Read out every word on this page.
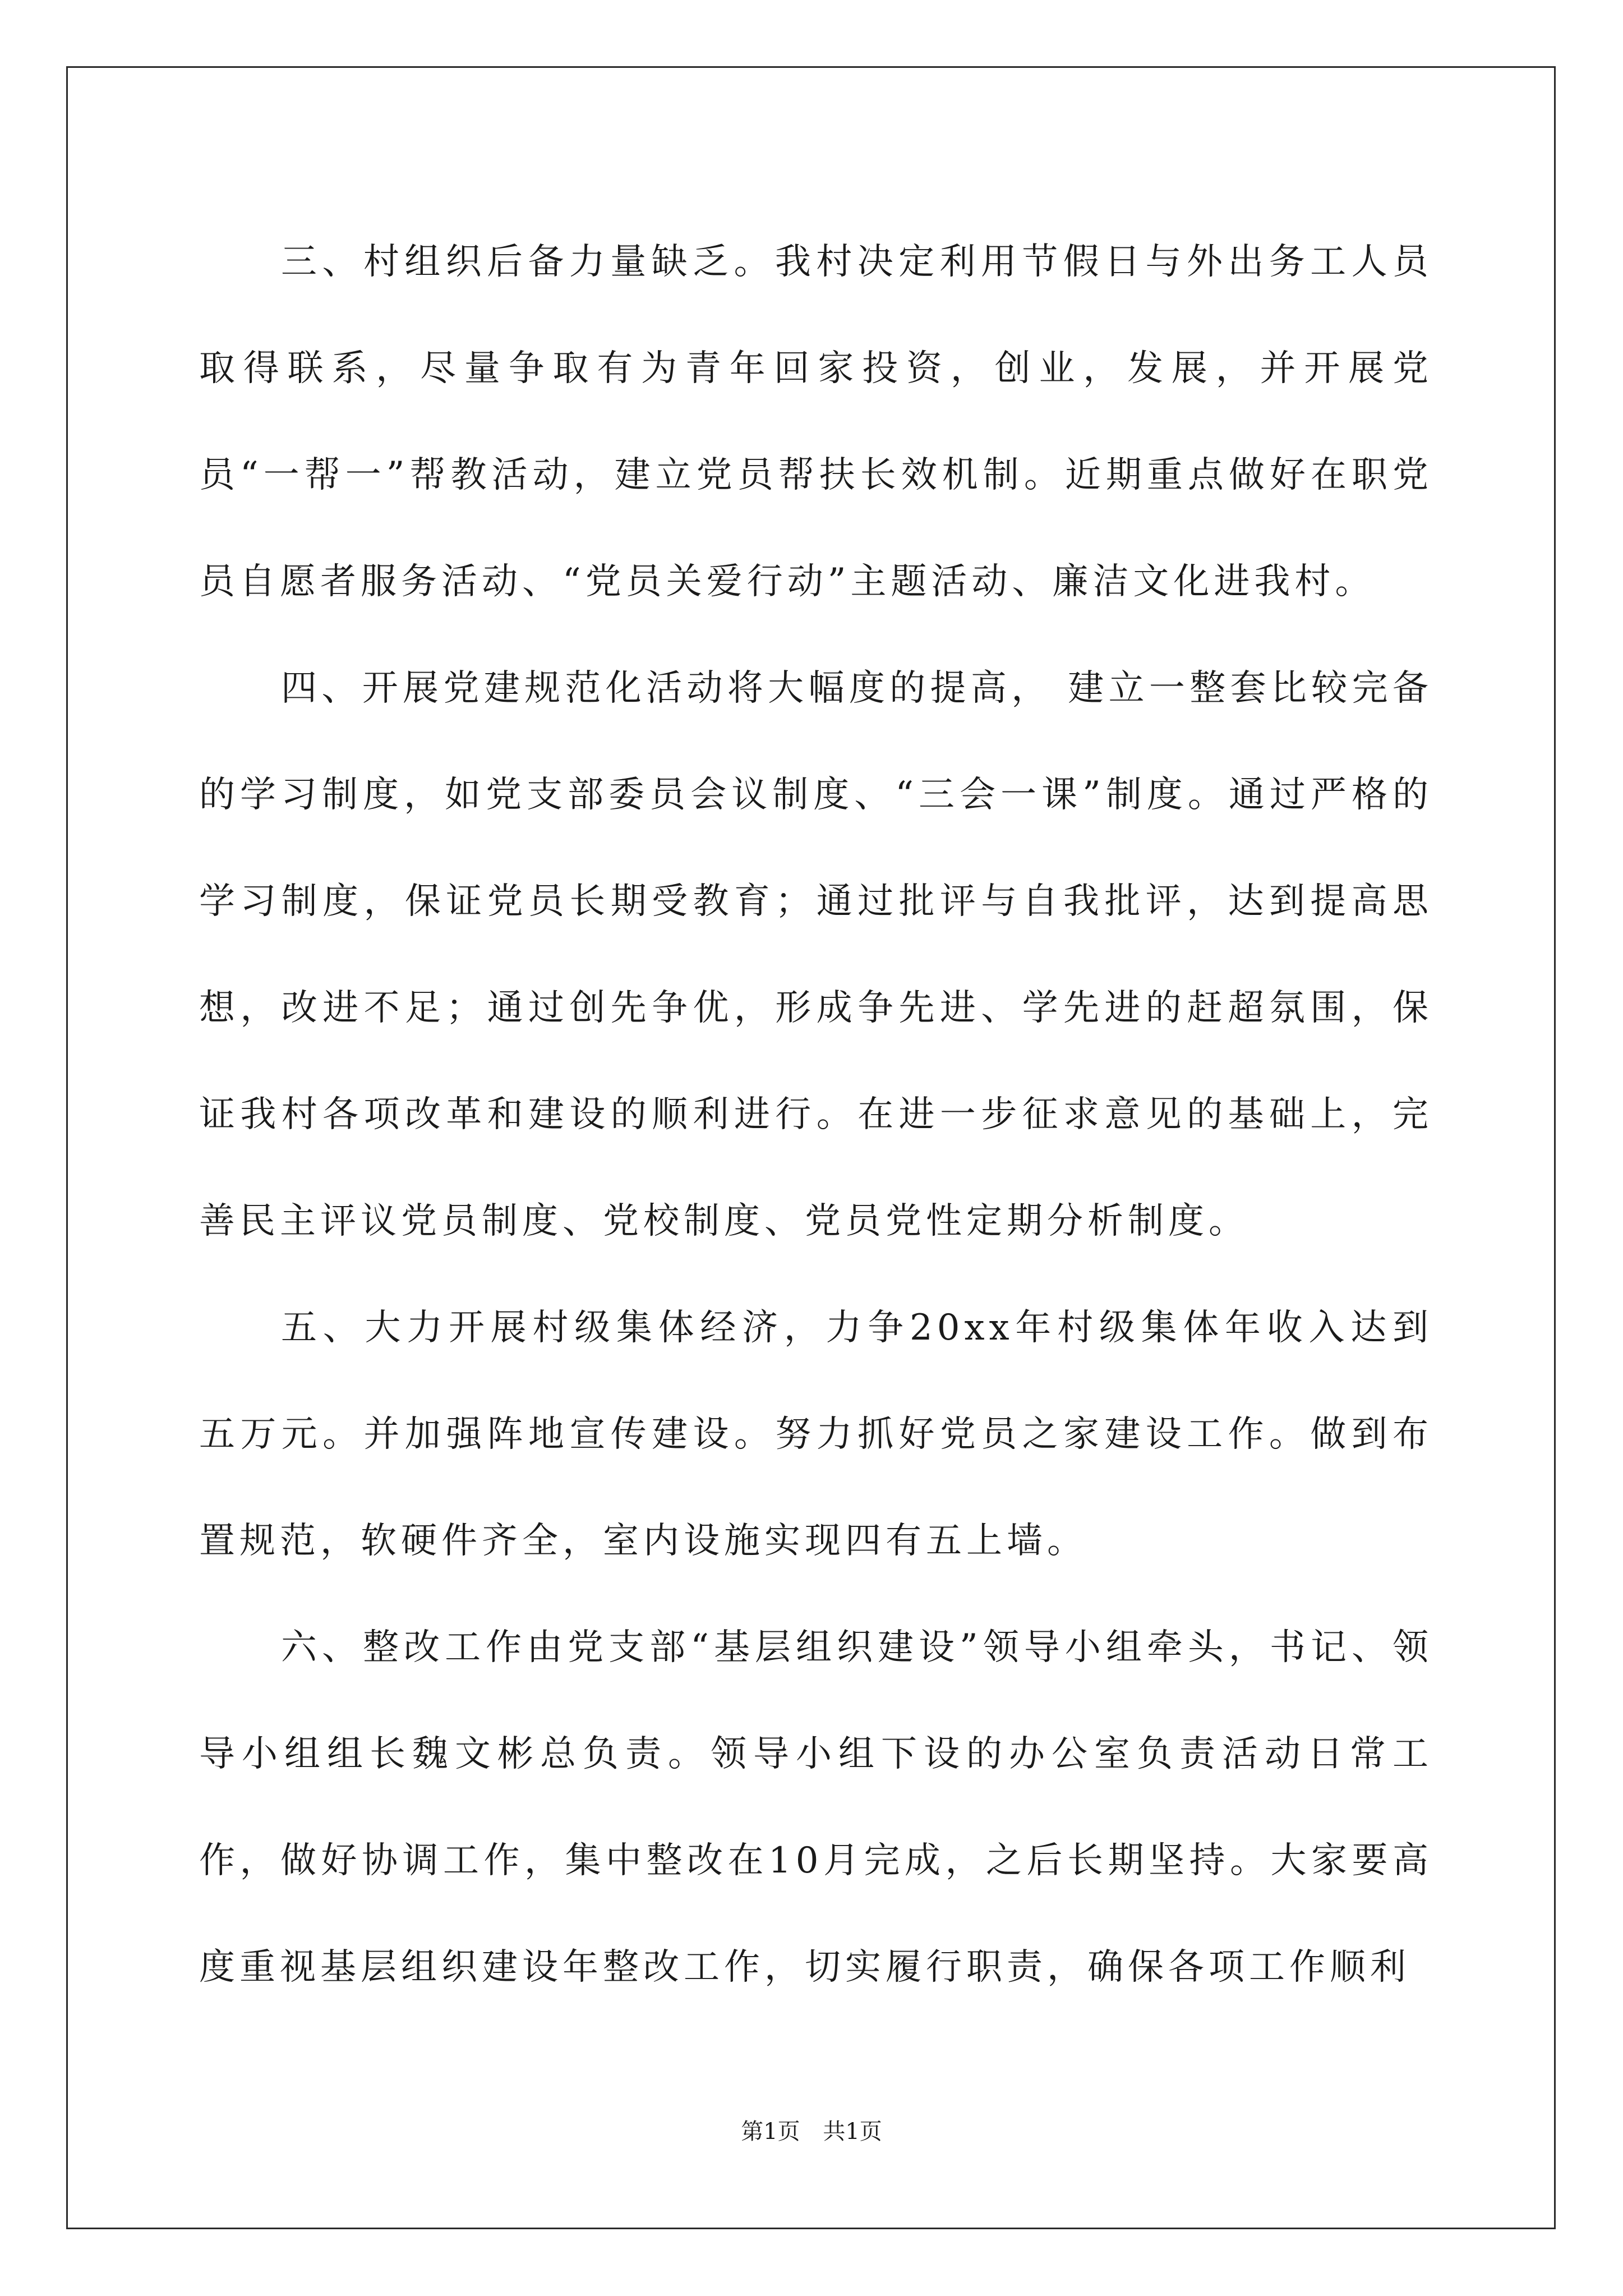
三、村组织后备力量缺乏。我村决定利用节假日与外出务工人员取得联系，尽量争取有为青年回家投资，创业，发展，并开展党员“一帮一”帮教活动，建立党员帮扶长效机制。近期重点做好在职党员自愿者服务活动、“党员关爱行动”主题活动、廉洁文化进我村。

四、开展党建规范化活动将大幅度的提高， 建立一整套比较完备的学习制度，如党支部委员会议制度、“三会一课”制度。通过严格的学习制度，保证党员长期受教育；通过批评与自我批评，达到提高思想，改进不足；通过创先争优，形成争先进、学先进的赶超氛围，保证我村各项改革和建设的顺利进行。在进一步征求意见的基础上，完善民主评议党员制度、党校制度、党员党性定期分析制度。

五、大力开展村级集体经济，力争20xx年村级集体年收入达到五万元。并加强阵地宣传建设。努力抓好党员之家建设工作。做到布置规范，软硬件齐全，室内设施实现四有五上墙。

六、整改工作由党支部“基层组织建设”领导小组牵头，书记、领导小组组长魏文彬总负责。领导小组下设的办公室负责活动日常工作，做好协调工作，集中整改在10月完成，之后长期坚持。大家要高度重视基层组织建设年整改工作，切实履行职责，确保各项工作顺利

第1页 共1页
